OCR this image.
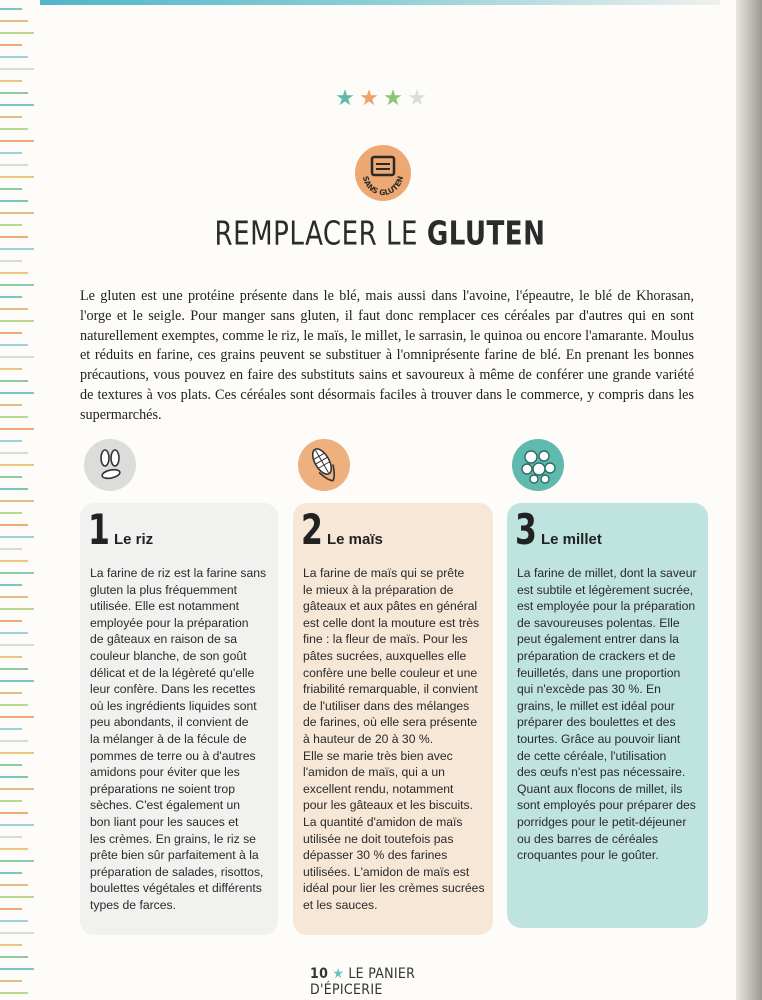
★ ★ ★ ★
SANS GLUTEN
REMPLACER LE GLUTEN
Le gluten est une protéine présente dans le blé, mais aussi dans l'avoine, l'épeautre, le blé de Khorasan, l'orge et le seigle. Pour manger sans gluten, il faut donc remplacer ces céréales par d'autres qui en sont naturellement exemptes, comme le riz, le maïs, le millet, le sarrasin, le quinoa ou encore l'amarante. Moulus et réduits en farine, ces grains peuvent se substituer à l'omniprésente farine de blé. En prenant les bonnes précautions, vous pouvez en faire des substituts sains et savoureux à même de conférer une grande variété de textures à vos plats. Ces céréales sont désormais faciles à trouver dans le commerce, y compris dans les supermarchés.
1 Le riz
La farine de riz est la farine sans
gluten la plus fréquemment
utilisée. Elle est notamment
employée pour la préparation
de gâteaux en raison de sa
couleur blanche, de son goût
délicat et de la légèreté qu'elle
leur confère. Dans les recettes
où les ingrédients liquides sont
peu abondants, il convient de
la mélanger à de la fécule de
pommes de terre ou à d'autres
amidons pour éviter que les
préparations ne soient trop
sèches. C'est également un
bon liant pour les sauces et
les crèmes. En grains, le riz se
prête bien sûr parfaitement à la
préparation de salades, risottos,
boulettes végétales et différents
types de farces.
2 Le maïs
La farine de maïs qui se prête
le mieux à la préparation de
gâteaux et aux pâtes en général
est celle dont la mouture est très
fine : la fleur de maïs. Pour les
pâtes sucrées, auxquelles elle
confère une belle couleur et une
friabilité remarquable, il convient
de l'utiliser dans des mélanges
de farines, où elle sera présente
à hauteur de 20 à 30 %.
Elle se marie très bien avec
l'amidon de maïs, qui a un
excellent rendu, notamment
pour les gâteaux et les biscuits.
La quantité d'amidon de maïs
utilisée ne doit toutefois pas
dépasser 30 % des farines
utilisées. L'amidon de maïs est
idéal pour lier les crèmes sucrées
et les sauces.
3 Le millet
La farine de millet, dont la saveur
est subtile et légèrement sucrée,
est employée pour la préparation
de savoureuses polentas. Elle
peut également entrer dans la
préparation de crackers et de
feuilletés, dans une proportion
qui n'excède pas 30 %. En
grains, le millet est idéal pour
préparer des boulettes et des
tourtes. Grâce au pouvoir liant
de cette céréale, l'utilisation
des œufs n'est pas nécessaire.
Quant aux flocons de millet, ils
sont employés pour préparer des
porridges pour le petit-déjeuner
ou des barres de céréales
croquantes pour le goûter.
10 ★ LE PANIER D'ÉPICERIE
